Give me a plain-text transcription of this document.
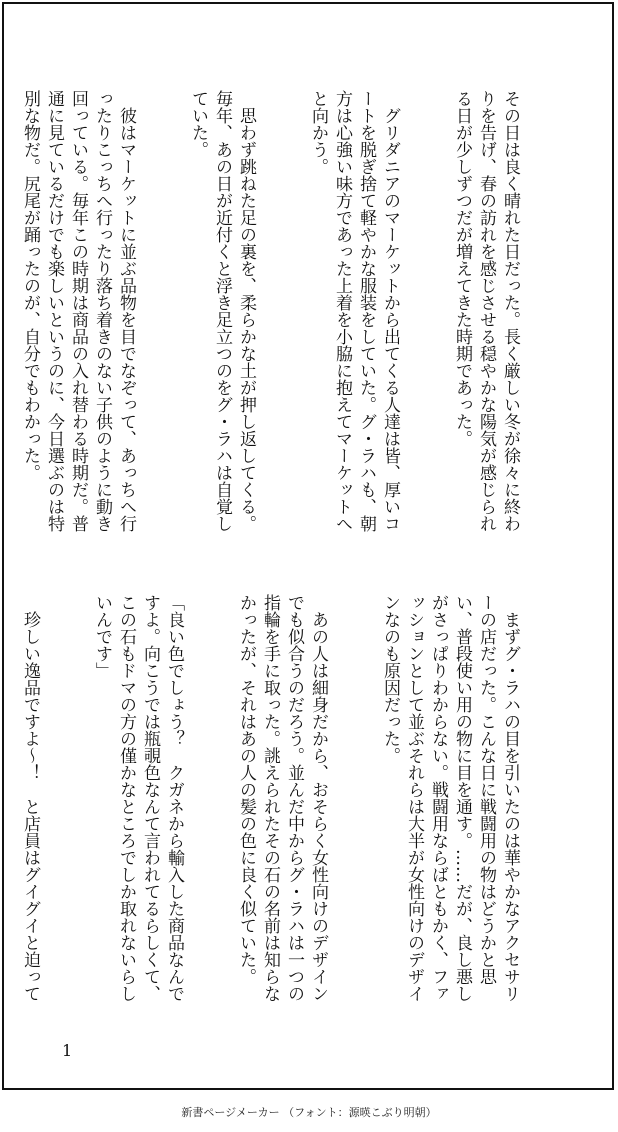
その日は良く晴れた日だった。長く厳しい冬が徐々に終わりを告げ、春の訪れを感じさせる穏やかな陽気が感じられる日が少しずつだが増えてきた時期であった。

　グリダニアのマーケットから出てくる人達は皆、厚いコートを脱ぎ捨て軽やかな服装をしていた。グ・ラハも、朝方は心強い味方であった上着を小脇に抱えてマーケットへと向かう。

　思わず跳ねた足の裏を、柔らかな土が押し返してくる。毎年、あの日が近付くと浮き足立つのをグ・ラハは自覚していた。

　彼はマーケットに並ぶ品物を目でなぞって、あっちへ行ったりこっちへ行ったり落ち着きのない子供のように動き回っている。毎年この時期は商品の入れ替わる時期だ。普通に見ているだけでも楽しいというのに、今日選ぶのは特別な物だ。尻尾が踊ったのが、自分でもわかった。

　まずグ・ラハの目を引いたのは華やかなアクセサリーの店だった。こんな日に戦闘用の物はどうかと思い、普段使い用の物に目を通す。……だが、良し悪しがさっぱりわからない。戦闘用ならばともかく、ファッションとして並ぶそれらは大半が女性向けのデザインなのも原因だった。

　あの人は細身だから、おそらく女性向けのデザインでも似合うのだろう。並んだ中からグ・ラハは一つの指輪を手に取った。誂えられたその石の名前は知らなかったが、それはあの人の髪の色に良く似ていた。

「良い色でしょう？　クガネから輸入した商品なんですよ。向こうでは瓶覗色なんて言われてるらしくて、この石もドマの方の僅かなところでしか取れないらしいんです」

　珍しい逸品ですよ～！　と店員はグイグイと迫って

1
新書ページメーカー （フォント：源暎こぶり明朝）
